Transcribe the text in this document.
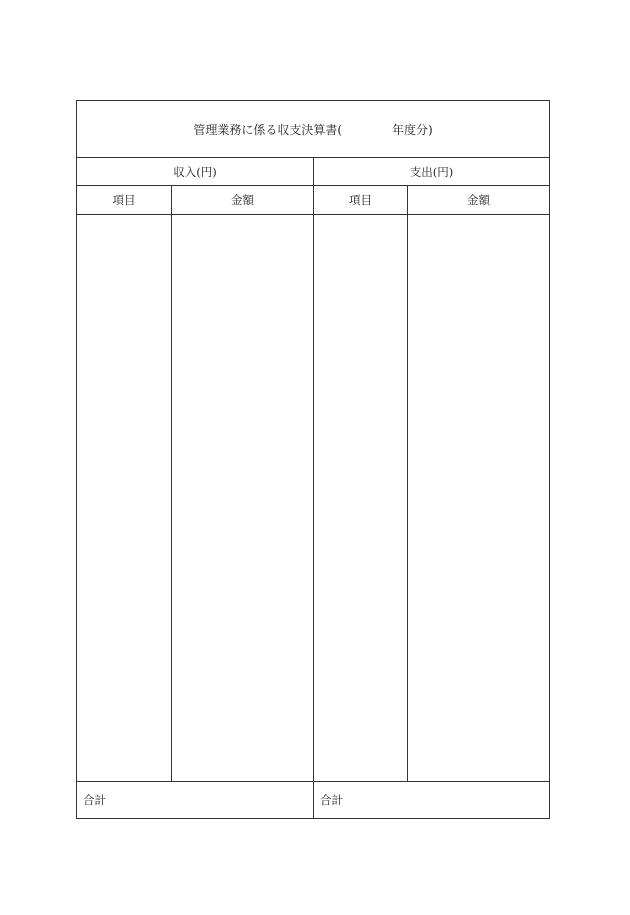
管理業務に係る収支決算書(	年度分)
収入(円)	支出(円)
項目	金額	項目	金額
合計	合計
